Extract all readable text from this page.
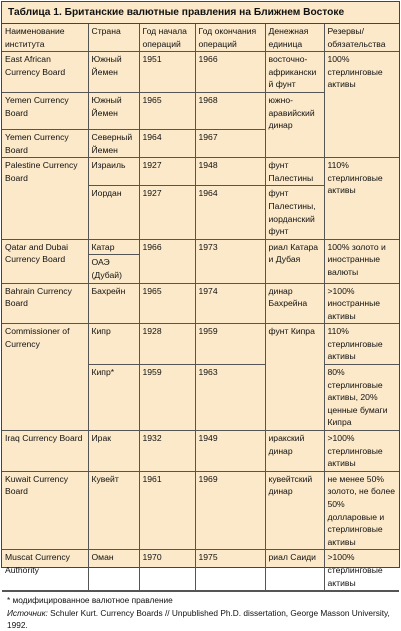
Таблица 1. Британские валютные правления на Ближнем Востоке
Наименование института	Страна	Год начала операций	Год окончания операций	Денежная единица	Резервы/ обязательства
East African Currency Board	Южный Йемен	1951	1966	восточно-африканский фунт	100% стерлинговые активы
Yemen Currency Board	Южный Йемен	1965	1968	южно-аравийский динар	
Yemen Currency Board	Северный Йемен	1964	1967		
Palestine Currency Board	Израиль	1927	1948	фунт Палестины	110% стерлинговые активы
	Иордан	1927	1964	фунт Палестины, иорданский фунт	
Qatar and Dubai Currency Board	Катар	1966	1973	риал Катара и Дубая	100% золото и иностранные валюты
	ОАЭ (Дубай)				
Bahrain Currency Board	Бахрейн	1965	1974	динар Бахрейна	>100% иностранные активы
Commissioner of Currency	Кипр	1928	1959	фунт Кипра	110% стерлинговые активы
	Кипр*	1959	1963		80% стерлинговые активы, 20% ценные бумаги Кипра
Iraq Currency Board	Ирак	1932	1949	иракский динар	>100% стерлинговые активы
Kuwait Currency Board	Кувейт	1961	1969	кувейтский динар	не менее 50% золото, не более 50% долларовые и стерлинговые активы
Muscat Currency Authority	Оман	1970	1975	риал Саиди	>100% стерлинговые активы
* модифицированное валютное правление
Источник: Schuler Kurt. Currency Boards // Unpublished Ph.D. dissertation, George Masson University, 1992.
